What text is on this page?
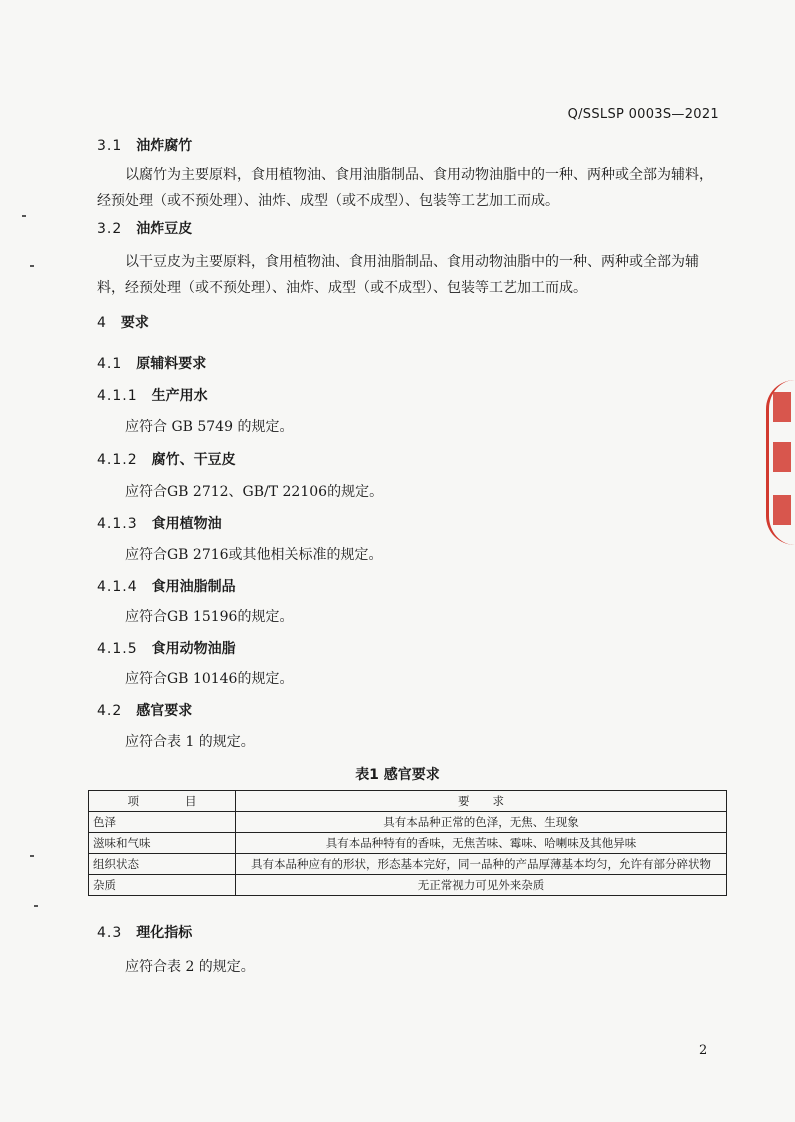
Q/SSLSP 0003S—2021
3.1 油炸腐竹
以腐竹为主要原料，食用植物油、食用油脂制品、食用动物油脂中的一种、两种或全部为辅料，经预处理（或不预处理）、油炸、成型（或不成型）、包装等工艺加工而成。
3.2 油炸豆皮
以干豆皮为主要原料，食用植物油、食用油脂制品、食用动物油脂中的一种、两种或全部为辅料，经预处理（或不预处理）、油炸、成型（或不成型）、包装等工艺加工而成。
4 要求
4.1 原辅料要求
4.1.1 生产用水
应符合 GB 5749 的规定。
4.1.2 腐竹、干豆皮
应符合GB 2712、GB/T 22106的规定。
4.1.3 食用植物油
应符合GB 2716或其他相关标准的规定。
4.1.4 食用油脂制品
应符合GB 15196的规定。
4.1.5 食用动物油脂
应符合GB 10146的规定。
4.2 感官要求
应符合表 1 的规定。
表1 感官要求
项　　　　目	要　　求
色泽	具有本品种正常的色泽，无焦、生现象
滋味和气味	具有本品种特有的香味，无焦苦味、霉味、哈喇味及其他异味
组织状态	具有本品种应有的形状，形态基本完好，同一品种的产品厚薄基本均匀，允许有部分碎状物
杂质	无正常视力可见外来杂质
4.3 理化指标
应符合表 2 的规定。
2
